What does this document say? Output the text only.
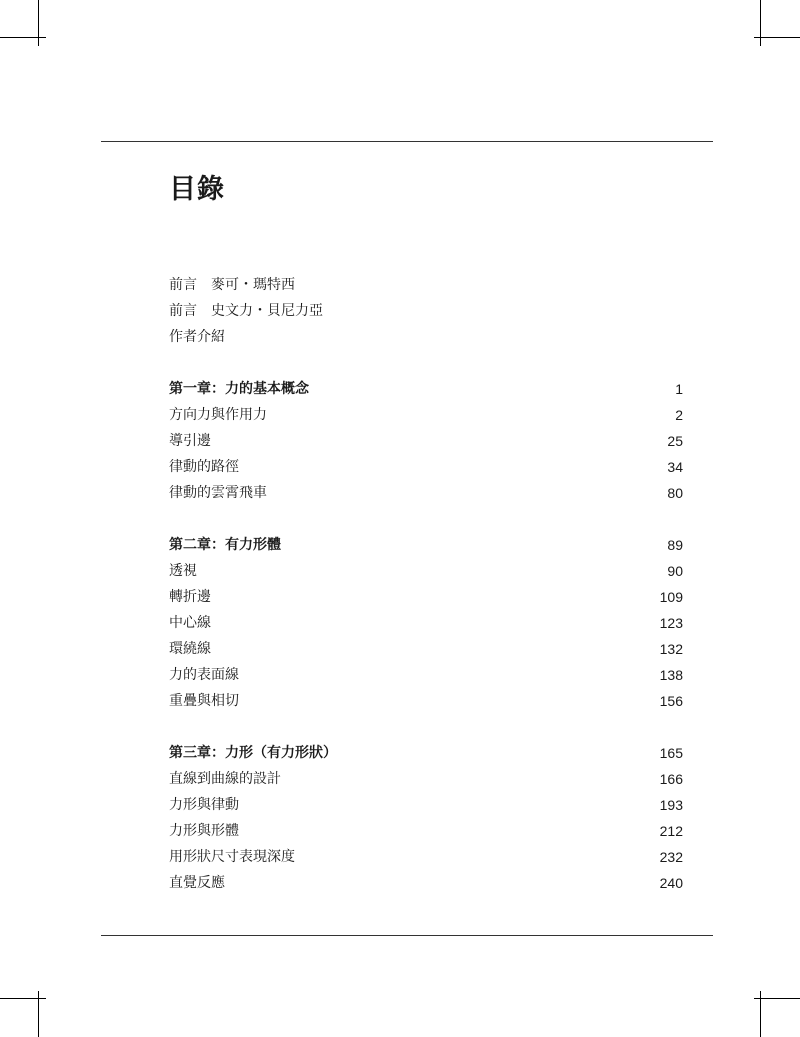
目錄
前言　麥可・瑪特西
前言　史文力・貝尼力亞
作者介紹
第一章：力的基本概念	1
方向力與作用力	2
導引邊	25
律動的路徑	34
律動的雲霄飛車	80
第二章：有力形體	89
透視	90
轉折邊	109
中心線	123
環繞線	132
力的表面線	138
重疊與相切	156
第三章：力形（有力形狀）	165
直線到曲線的設計	166
力形與律動	193
力形與形體	212
用形狀尺寸表現深度	232
直覺反應	240
